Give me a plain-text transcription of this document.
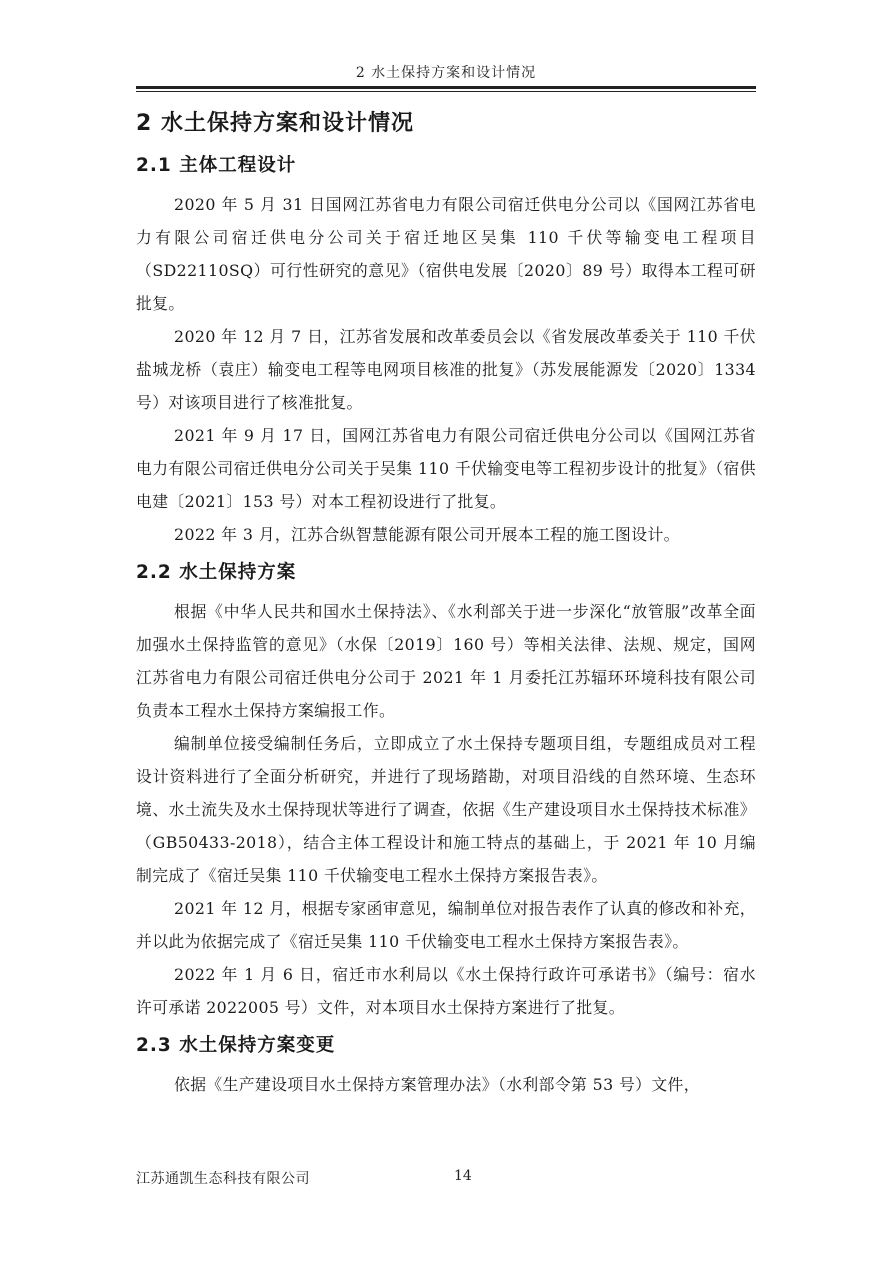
2 水土保持方案和设计情况
2 水土保持方案和设计情况
2.1 主体工程设计

2020 年 5 月 31 日国网江苏省电力有限公司宿迁供电分公司以《国网江苏省电力有限公司宿迁供电分公司关于宿迁地区吴集 110 千伏等输变电工程项目（SD22110SQ）可行性研究的意见》（宿供电发展〔2020〕89 号）取得本工程可研批复。

2020 年 12 月 7 日，江苏省发展和改革委员会以《省发展改革委关于 110 千伏盐城龙桥（袁庄）输变电工程等电网项目核准的批复》（苏发展能源发〔2020〕1334 号）对该项目进行了核准批复。

2021 年 9 月 17 日，国网江苏省电力有限公司宿迁供电分公司以《国网江苏省电力有限公司宿迁供电分公司关于吴集 110 千伏输变电等工程初步设计的批复》（宿供电建〔2021〕153 号）对本工程初设进行了批复。

2022 年 3 月，江苏合纵智慧能源有限公司开展本工程的施工图设计。

2.2 水土保持方案

根据《中华人民共和国水土保持法》、《水利部关于进一步深化“放管服”改革全面加强水土保持监管的意见》（水保〔2019〕160 号）等相关法律、法规、规定，国网江苏省电力有限公司宿迁供电分公司于 2021 年 1 月委托江苏辐环环境科技有限公司负责本工程水土保持方案编报工作。

编制单位接受编制任务后，立即成立了水土保持专题项目组，专题组成员对工程设计资料进行了全面分析研究，并进行了现场踏勘，对项目沿线的自然环境、生态环境、水土流失及水土保持现状等进行了调查，依据《生产建设项目水土保持技术标准》（GB50433-2018），结合主体工程设计和施工特点的基础上，于 2021 年 10 月编制完成了《宿迁吴集 110 千伏输变电工程水土保持方案报告表》。

2021 年 12 月，根据专家函审意见，编制单位对报告表作了认真的修改和补充，并以此为依据完成了《宿迁吴集 110 千伏输变电工程水土保持方案报告表》。

2022 年 1 月 6 日，宿迁市水利局以《水土保持行政许可承诺书》（编号：宿水许可承诺 2022005 号）文件，对本项目水土保持方案进行了批复。

2.3 水土保持方案变更

依据《生产建设项目水土保持方案管理办法》（水利部令第 53 号）文件，

江苏通凯生态科技有限公司	14
